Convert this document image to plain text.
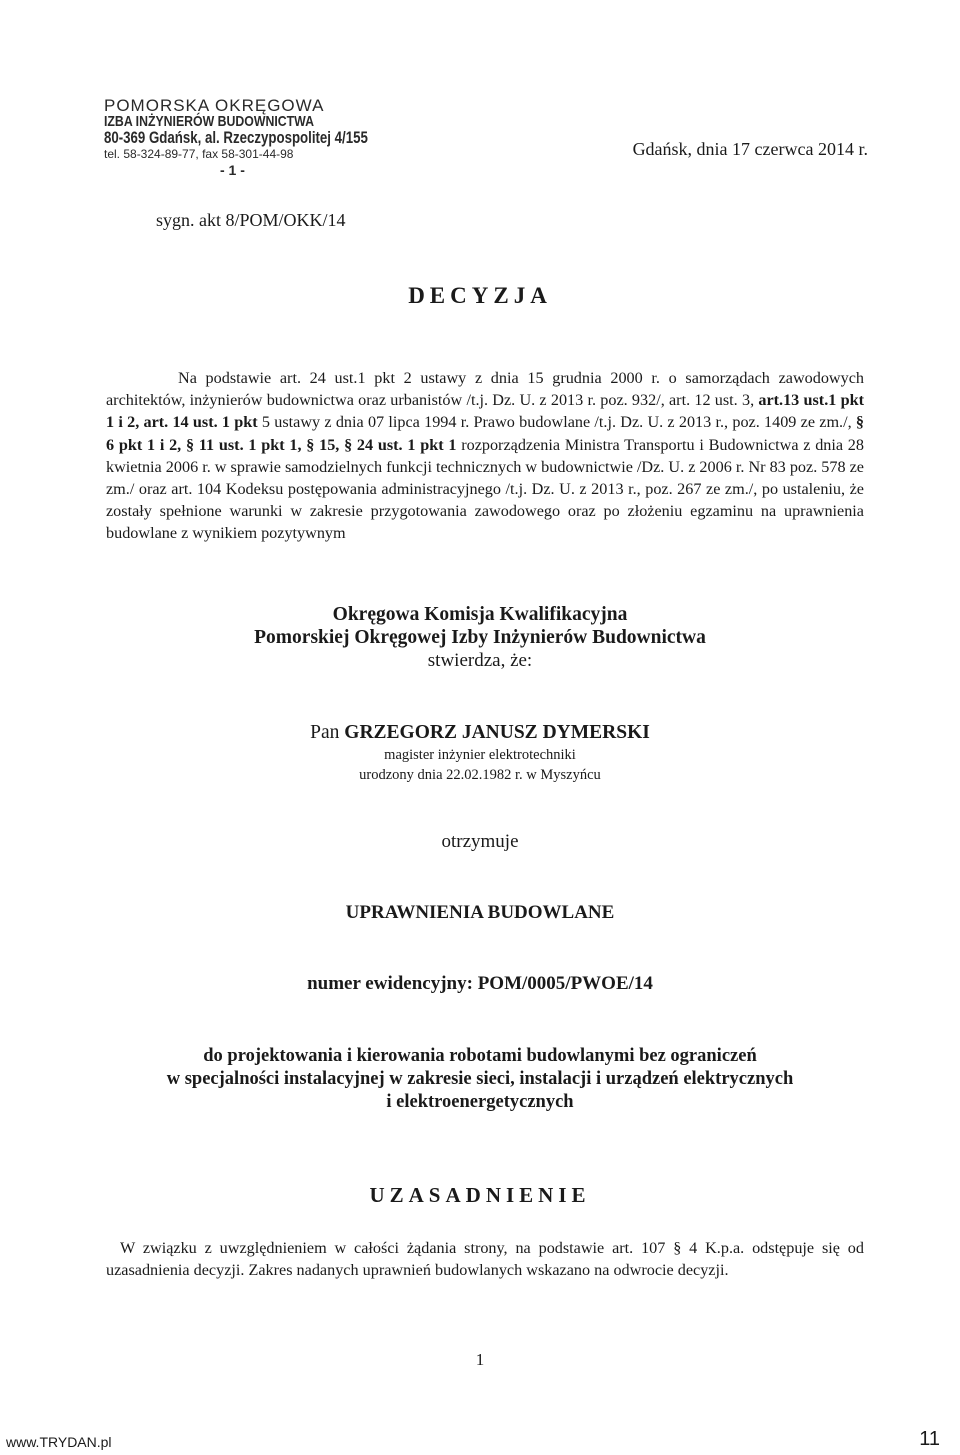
POMORSKA OKRĘGOWA
IZBA INŻYNIERÓW BUDOWNICTWA
80-369 Gdańsk, al. Rzeczypospolitej 4/155
tel. 58-324-89-77, fax 58-301-44-98
- 1 -
Gdańsk, dnia 17 czerwca 2014 r.
sygn. akt 8/POM/OKK/14
DECYZJA

Na podstawie art. 24 ust.1 pkt 2 ustawy z dnia 15 grudnia 2000 r. o samorządach zawodowych architektów, inżynierów budownictwa oraz urbanistów /t.j. Dz. U. z 2013 r. poz. 932/, art. 12 ust. 3, art.13 ust.1 pkt 1 i 2, art. 14 ust. 1 pkt 5 ustawy z dnia 07 lipca 1994 r. Prawo budowlane /t.j. Dz. U. z 2013 r., poz. 1409 ze zm./, § 6 pkt 1 i 2, § 11 ust. 1 pkt 1, § 15, § 24 ust. 1 pkt 1 rozporządzenia Ministra Transportu i Budownictwa z dnia 28 kwietnia 2006 r. w sprawie samodzielnych funkcji technicznych w budownictwie /Dz. U. z 2006 r. Nr 83 poz. 578 ze zm./ oraz art. 104 Kodeksu postępowania administracyjnego /t.j. Dz. U. z 2013 r., poz. 267 ze zm./, po ustaleniu, że zostały spełnione warunki w zakresie przygotowania zawodowego oraz po złożeniu egzaminu na uprawnienia budowlane z wynikiem pozytywnym

Okręgowa Komisja Kwalifikacyjna
Pomorskiej Okręgowej Izby Inżynierów Budownictwa
stwierdza, że:
Pan GRZEGORZ JANUSZ DYMERSKI
magister inżynier elektrotechniki
urodzony dnia 22.02.1982 r. w Myszyńcu
otrzymuje
UPRAWNIENIA BUDOWLANE
numer ewidencyjny: POM/0005/PWOE/14
do projektowania i kierowania robotami budowlanymi bez ograniczeń
w specjalności instalacyjnej w zakresie sieci, instalacji i urządzeń elektrycznych
i elektroenergetycznych
UZASADNIENIE

W związku z uwzględnieniem w całości żądania strony, na podstawie art. 107 § 4 K.p.a. odstępuje się od uzasadnienia decyzji. Zakres nadanych uprawnień budowlanych wskazano na odwrocie decyzji.

1
www.TRYDAN.pl	11
